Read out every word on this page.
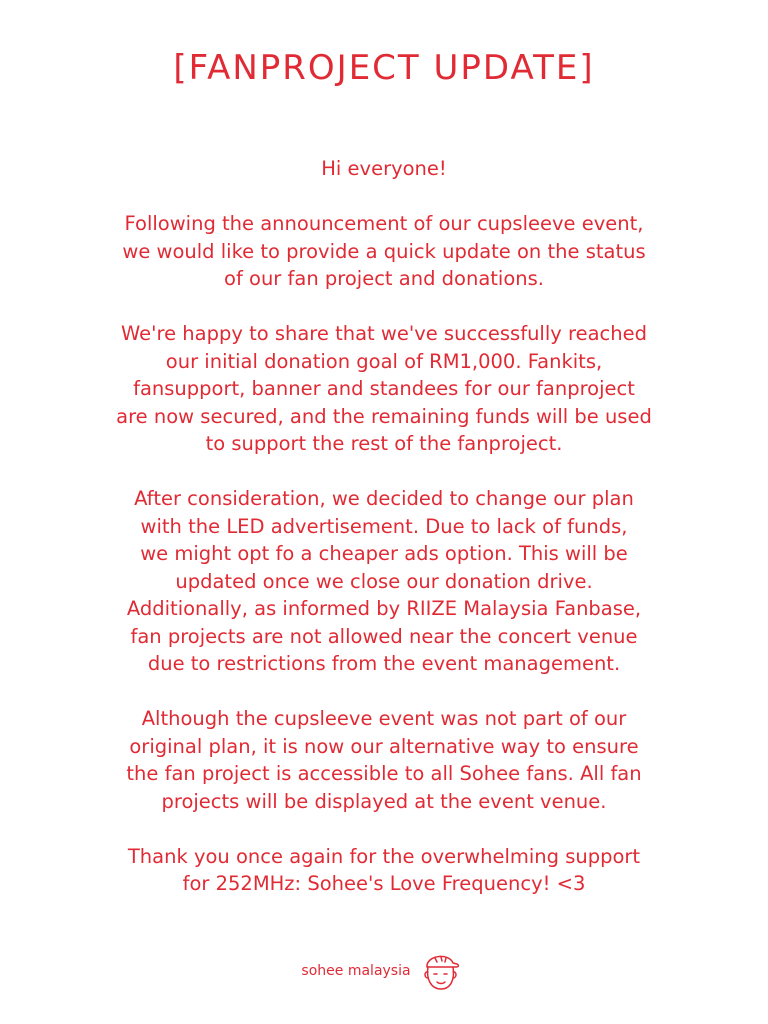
[FANPROJECT UPDATE]

Hi everyone!

Following the announcement of our cupsleeve event,
we would like to provide a quick update on the status
of our fan project and donations.

We're happy to share that we've successfully reached
our initial donation goal of RM1,000. Fankits,
fansupport, banner and standees for our fanproject
are now secured, and the remaining funds will be used
to support the rest of the fanproject.

After consideration, we decided to change our plan
with the LED advertisement. Due to lack of funds,
we might opt fo a cheaper ads option. This will be
updated once we close our donation drive.
Additionally, as informed by RIIZE Malaysia Fanbase,
fan projects are not allowed near the concert venue
due to restrictions from the event management.

Although the cupsleeve event was not part of our
original plan, it is now our alternative way to ensure
the fan project is accessible to all Sohee fans. All fan
projects will be displayed at the event venue.

Thank you once again for the overwhelming support
for 252MHz: Sohee's Love Frequency! <3

sohee malaysia
